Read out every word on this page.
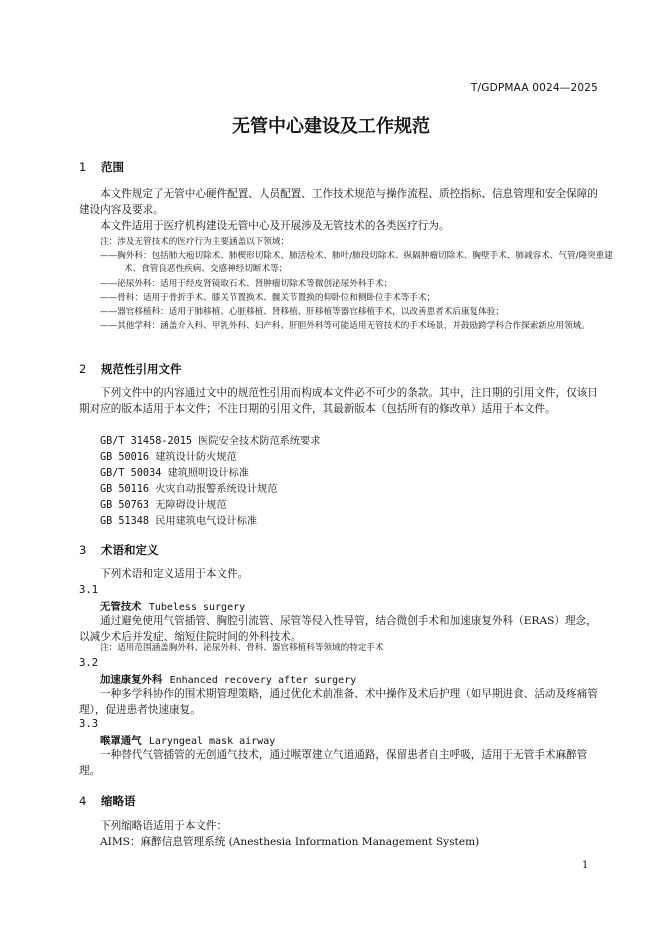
T/GDPMAA 0024—2025
无管中心建设及工作规范
1 范围
本文件规定了无管中心硬件配置、人员配置、工作技术规范与操作流程、质控指标、信息管理和安全保障的建设内容及要求。
本文件适用于医疗机构建设无管中心及开展涉及无管技术的各类医疗行为。
注：涉及无管技术的医疗行为主要涵盖以下领域：
——胸外科：包括肺大疱切除术、肺楔形切除术、肺活检术、肺叶/肺段切除术、纵隔肿瘤切除术、胸壁手术、肺减容术、气管/隆突重建术、食管良恶性疾病、交感神经切断术等；
——泌尿外科：适用于经皮肾镜取石术、肾肿瘤切除术等微创泌尿外科手术；
——骨科：适用于骨折手术、膝关节置换术、髋关节置换的仰卧位和侧卧位手术等手术；
——器官移植科：适用于肺移植、心脏移植、肾移植、肝移植等器官移植手术，以改善患者术后康复体验；
——其他学科：涵盖介入科、甲乳外科、妇产科、肝胆外科等可能适用无管技术的手术场景，并鼓励跨学科合作探索新应用领域。
2 规范性引用文件
下列文件中的内容通过文中的规范性引用而构成本文件必不可少的条款。其中，注日期的引用文件，仅该日期对应的版本适用于本文件；不注日期的引用文件，其最新版本（包括所有的修改单）适用于本文件。
GB/T 31458-2015 医院安全技术防范系统要求
GB 50016 建筑设计防火规范
GB/T 50034 建筑照明设计标准
GB 50116 火灾自动报警系统设计规范
GB 50763 无障碍设计规范
GB 51348 民用建筑电气设计标准
3 术语和定义
下列术语和定义适用于本文件。
3.1
无管技术 Tubeless surgery
通过避免使用气管插管、胸腔引流管、尿管等侵入性导管，结合微创手术和加速康复外科（ERAS）理念，以减少术后并发症、缩短住院时间的外科技术。
注：适用范围涵盖胸外科、泌尿外科、骨科、器官移植科等领域的特定手术
3.2
加速康复外科 Enhanced recovery after surgery
一种多学科协作的围术期管理策略，通过优化术前准备、术中操作及术后护理（如早期进食、活动及疼痛管理），促进患者快速康复。
3.3
喉罩通气 Laryngeal mask airway
一种替代气管插管的无创通气技术，通过喉罩建立气道通路，保留患者自主呼吸，适用于无管手术麻醉管理。
4 缩略语
下列缩略语适用于本文件：
AIMS：麻醉信息管理系统 (Anesthesia Information Management System)
1
